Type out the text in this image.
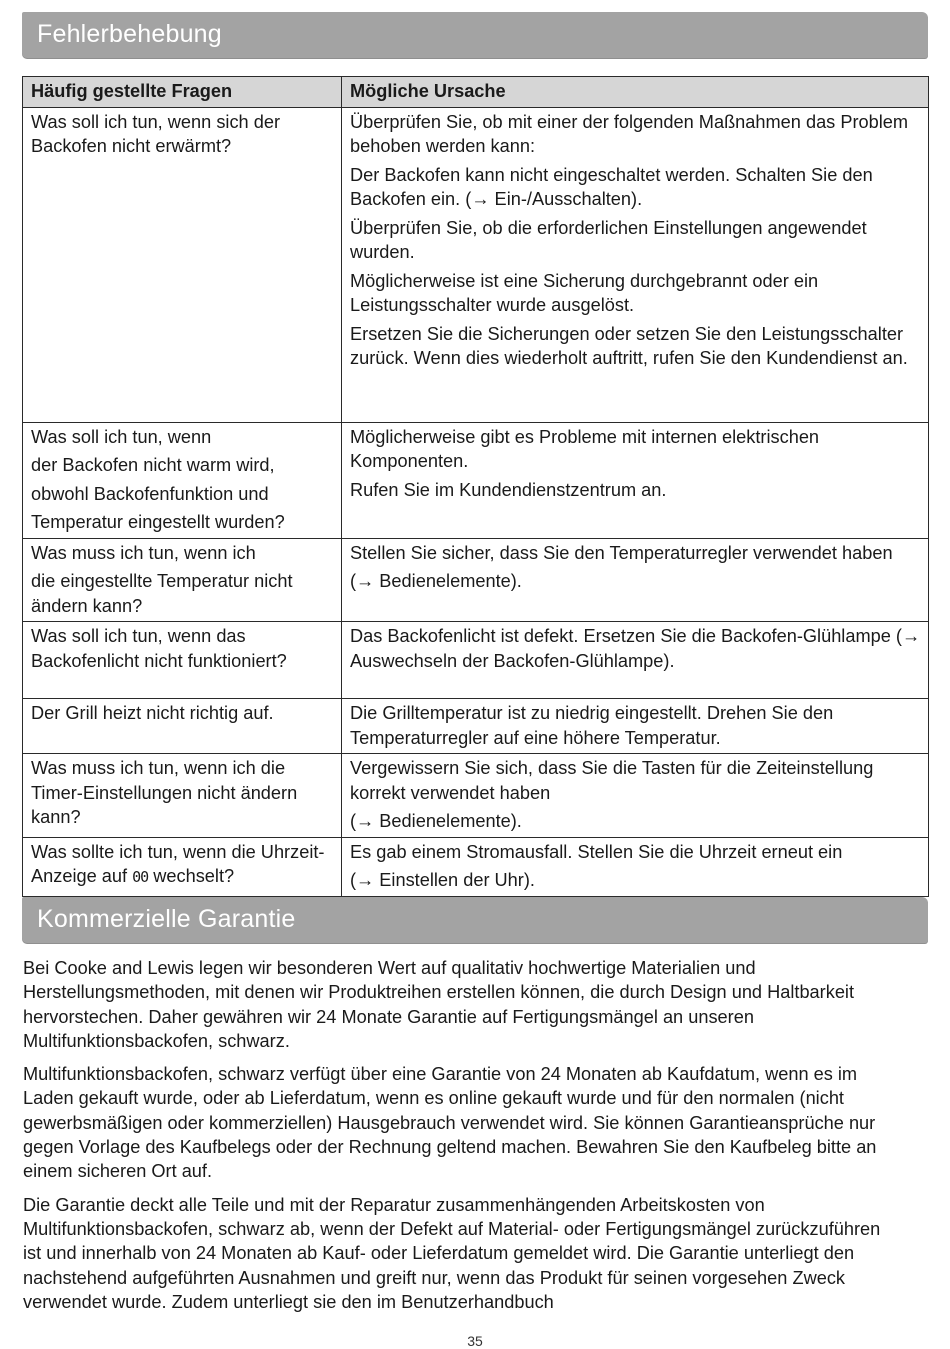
Fehlerbehebung
Häufig gestellte Fragen	Mögliche Ursache

Was soll ich tun, wenn sich der Backofen nicht erwärmt?	Überprüfen Sie, ob mit einer der folgenden Maßnahmen das Problem behoben werden kann:
Der Backofen kann nicht eingeschaltet werden. Schalten Sie den Backofen ein. (→ Ein-/Ausschalten).
Überprüfen Sie, ob die erforderlichen Einstellungen angewendet wurden.
Möglicherweise ist eine Sicherung durchgebrannt oder ein Leistungsschalter wurde ausgelöst.
Ersetzen Sie die Sicherungen oder setzen Sie den Leistungsschalter zurück. Wenn dies wiederholt auftritt, rufen Sie den Kundendienst an.

Was soll ich tun, wenn
der Backofen nicht warm wird,
obwohl Backofenfunktion und
Temperatur eingestellt wurden?	Möglicherweise gibt es Probleme mit internen elektrischen Komponenten.
Rufen Sie im Kundendienstzentrum an.

Was muss ich tun, wenn ich
die eingestellte Temperatur nicht ändern kann?	Stellen Sie sicher, dass Sie den Temperaturregler verwendet haben
(→ Bedienelemente).

Was soll ich tun, wenn das Backofenlicht nicht funktioniert?	Das Backofenlicht ist defekt. Ersetzen Sie die Backofen-Glühlampe (→ Auswechseln der Backofen-Glühlampe).

Der Grill heizt nicht richtig auf.	Die Grilltemperatur ist zu niedrig eingestellt. Drehen Sie den Temperaturregler auf eine höhere Temperatur.

Was muss ich tun, wenn ich die Timer-Einstellungen nicht ändern kann?	Vergewissern Sie sich, dass Sie die Tasten für die Zeiteinstellung korrekt verwendet haben
(→ Bedienelemente).

Was sollte ich tun, wenn die Uhrzeit-Anzeige auf 00 wechselt?	Es gab einem Stromausfall. Stellen Sie die Uhrzeit erneut ein
(→ Einstellen der Uhr).
Kommerzielle Garantie

Bei Cooke and Lewis legen wir besonderen Wert auf qualitativ hochwertige Materialien und Herstellungsmethoden, mit denen wir Produktreihen erstellen können, die durch Design und Haltbarkeit hervorstechen. Daher gewähren wir 24 Monate Garantie auf Fertigungsmängel an unseren Multifunktionsbackofen, schwarz.

Multifunktionsbackofen, schwarz verfügt über eine Garantie von 24 Monaten ab Kaufdatum, wenn es im Laden gekauft wurde, oder ab Lieferdatum, wenn es online gekauft wurde und für den normalen (nicht gewerbsmäßigen oder kommerziellen) Hausgebrauch verwendet wird. Sie können Garantieansprüche nur gegen Vorlage des Kaufbelegs oder der Rechnung geltend machen. Bewahren Sie den Kaufbeleg bitte an einem sicheren Ort auf.

Die Garantie deckt alle Teile und mit der Reparatur zusammenhängenden Arbeitskosten von Multifunktionsbackofen, schwarz ab, wenn der Defekt auf Material- oder Fertigungsmängel zurückzuführen ist und innerhalb von 24 Monaten ab Kauf- oder Lieferdatum gemeldet wird. Die Garantie unterliegt den nachstehend aufgeführten Ausnahmen und greift nur, wenn das Produkt für seinen vorgesehen Zweck verwendet wurde. Zudem unterliegt sie den im Benutzerhandbuch

35
